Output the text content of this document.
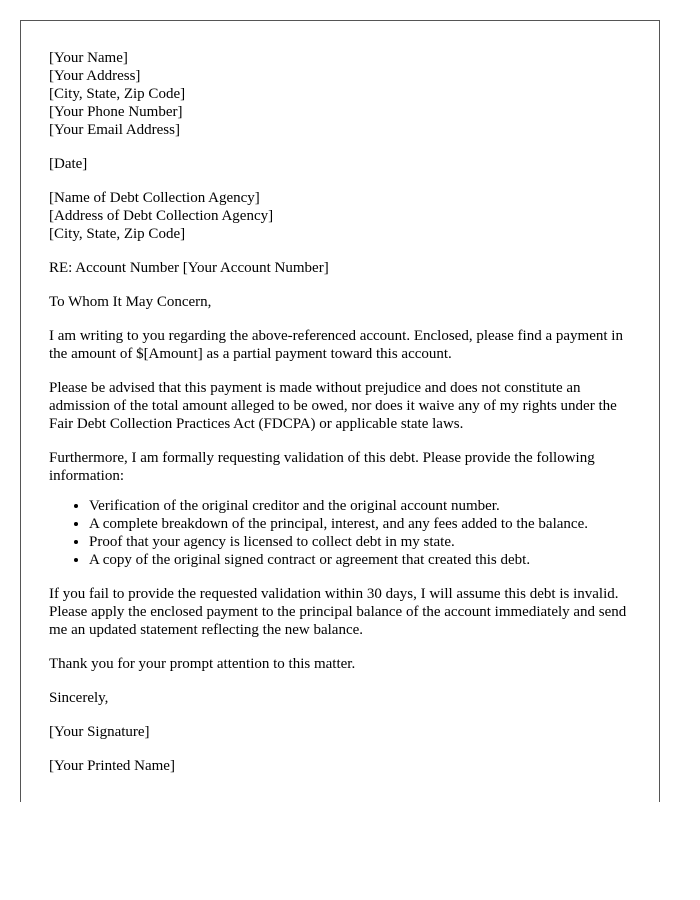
[Your Name]
[Your Address]
[City, State, Zip Code]
[Your Phone Number]
[Your Email Address]

[Date]

[Name of Debt Collection Agency]
[Address of Debt Collection Agency]
[City, State, Zip Code]

RE: Account Number [Your Account Number]

To Whom It May Concern,

I am writing to you regarding the above-referenced account. Enclosed, please find a payment in the amount of $[Amount] as a partial payment toward this account.

Please be advised that this payment is made without prejudice and does not constitute an admission of the total amount alleged to be owed, nor does it waive any of my rights under the Fair Debt Collection Practices Act (FDCPA) or applicable state laws.

Furthermore, I am formally requesting validation of this debt. Please provide the following information:

• Verification of the original creditor and the original account number.
• A complete breakdown of the principal, interest, and any fees added to the balance.
• Proof that your agency is licensed to collect debt in my state.
• A copy of the original signed contract or agreement that created this debt.

If you fail to provide the requested validation within 30 days, I will assume this debt is invalid. Please apply the enclosed payment to the principal balance of the account immediately and send me an updated statement reflecting the new balance.

Thank you for your prompt attention to this matter.

Sincerely,

[Your Signature]

[Your Printed Name]
